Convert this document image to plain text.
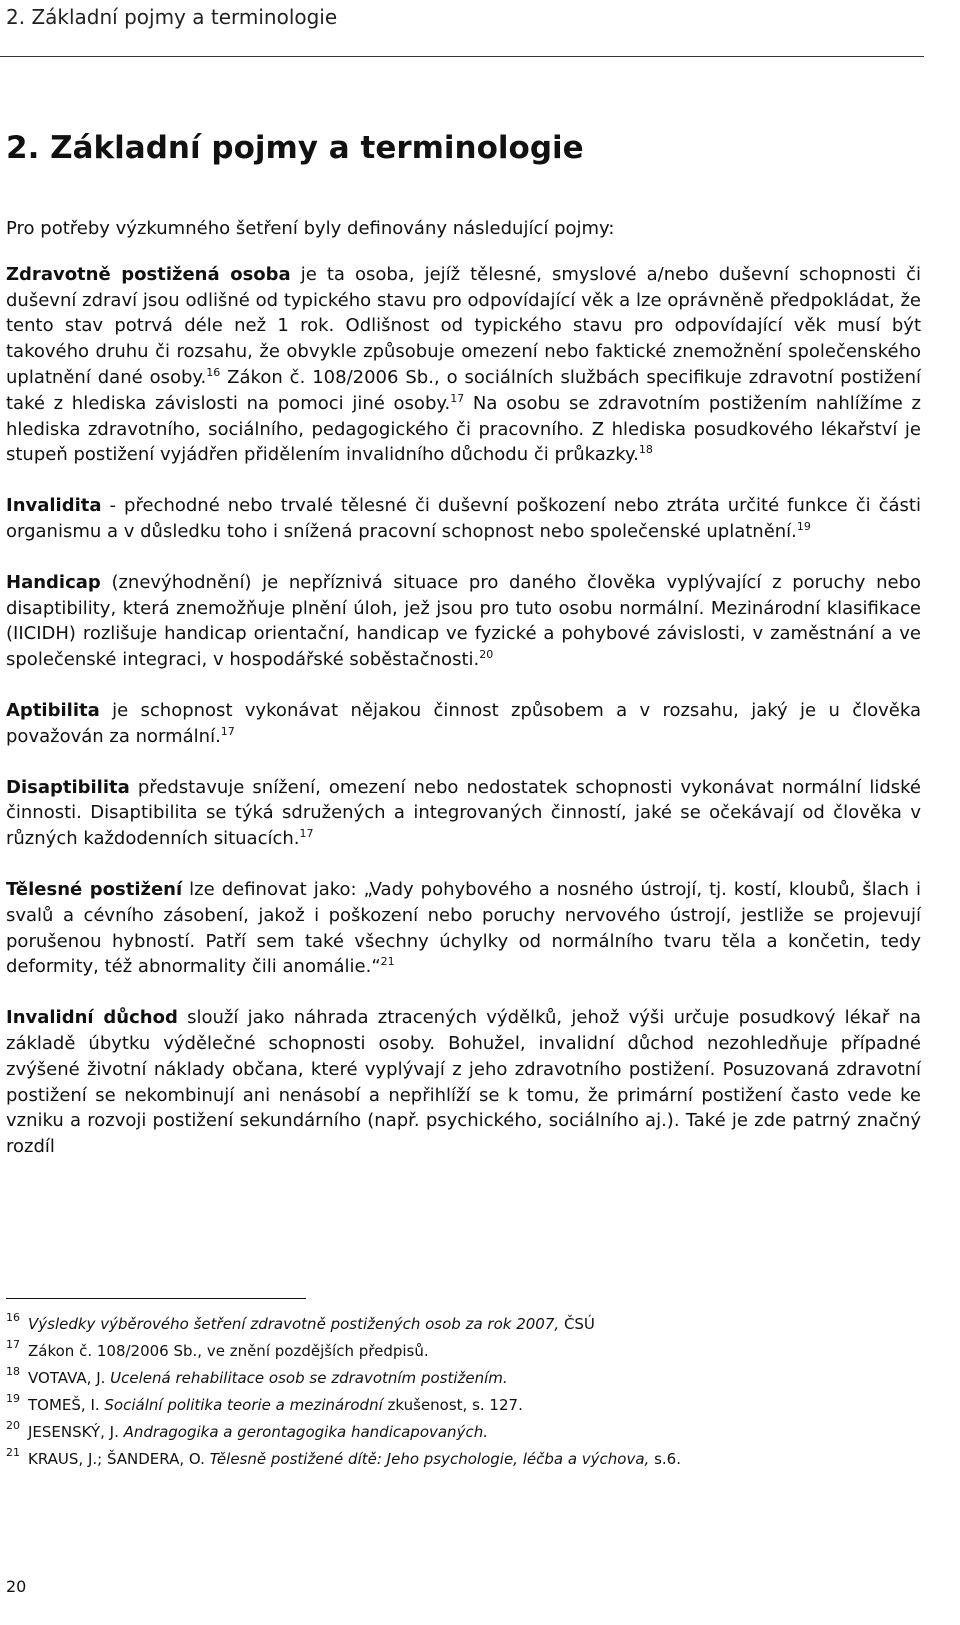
2. Základní pojmy a terminologie
2. Základní pojmy a terminologie

Pro potřeby výzkumného šetření byly definovány následující pojmy:

Zdravotně postižená osoba je ta osoba, jejíž tělesné, smyslové a/nebo duševní schopnosti či duševní zdraví jsou odlišné od typického stavu pro odpovídající věk a lze oprávněně předpokládat, že tento stav potrvá déle než 1 rok. Odlišnost od typického stavu pro odpovídající věk musí být takového druhu či rozsahu, že obvykle způsobuje omezení nebo faktické znemožnění společenského uplatnění dané osoby.$^{16}$ Zákon č. 108/2006 Sb., o sociálních službách specifikuje zdravotní postižení také z hlediska závislosti na pomoci jiné osoby.$^{17}$ Na osobu se zdravotním postižením nahlížíme z hlediska zdravotního, sociálního, pedagogického či pracovního. Z hlediska posudkového lékařství je stupeň postižení vyjádřen přidělením invalidního důchodu či průkazky.$^{18}$

Invalidita - přechodné nebo trvalé tělesné či duševní poškození nebo ztráta určité funkce či části organismu a v důsledku toho i snížená pracovní schopnost nebo společenské uplatnění.$^{19}$

Handicap (znevýhodnění) je nepříznivá situace pro daného člověka vyplývající z poruchy nebo disaptibility, která znemožňuje plnění úloh, jež jsou pro tuto osobu normální. Mezinárodní klasifikace (IICIDH) rozlišuje handicap orientační, handicap ve fyzické a pohybové závislosti, v zaměstnání a ve společenské integraci, v hospodářské soběstačnosti.$^{20}$

Aptibilita je schopnost vykonávat nějakou činnost způsobem a v rozsahu, jaký je u člověka považován za normální.$^{17}$

Disaptibilita představuje snížení, omezení nebo nedostatek schopnosti vykonávat normální lidské činnosti. Disaptibilita se týká sdružených a integrovaných činností, jaké se očekávají od člověka v různých každodenních situacích.$^{17}$

Tělesné postižení lze definovat jako: „Vady pohybového a nosného ústrojí, tj. kostí, kloubů, šlach i svalů a cévního zásobení, jakož i poškození nebo poruchy nervového ústrojí, jestliže se projevují porušenou hybností. Patří sem také všechny úchylky od normálního tvaru těla a končetin, tedy deformity, též abnormality čili anomálie.“$^{21}$

Invalidní důchod slouží jako náhrada ztracených výdělků, jehož výši určuje posudkový lékař na základě úbytku výdělečné schopnosti osoby. Bohužel, invalidní důchod nezohledňuje případné zvýšené životní náklady občana, které vyplývají z jeho zdravotního postižení. Posuzovaná zdravotní postižení se nekombinují ani nenásobí a nepřihlíží se k tomu, že primární postižení často vede ke vzniku a rozvoji postižení sekundárního (např. psychického, sociálního aj.). Také je zde patrný značný rozdíl

16 Výsledky výběrového šetření zdravotně postižených osob za rok 2007, ČSÚ
17 Zákon č. 108/2006 Sb., ve znění pozdějších předpisů.
18 VOTAVA, J. Ucelená rehabilitace osob se zdravotním postižením.
19 TOMEŠ, I. Sociální politika teorie a mezinárodní zkušenost, s. 127.
20 JESENSKÝ, J. Andragogika a gerontagogika handicapovaných.
21 KRAUS, J.; ŠANDERA, O. Tělesně postižené dítě: Jeho psychologie, léčba a výchova, s.6.
20
